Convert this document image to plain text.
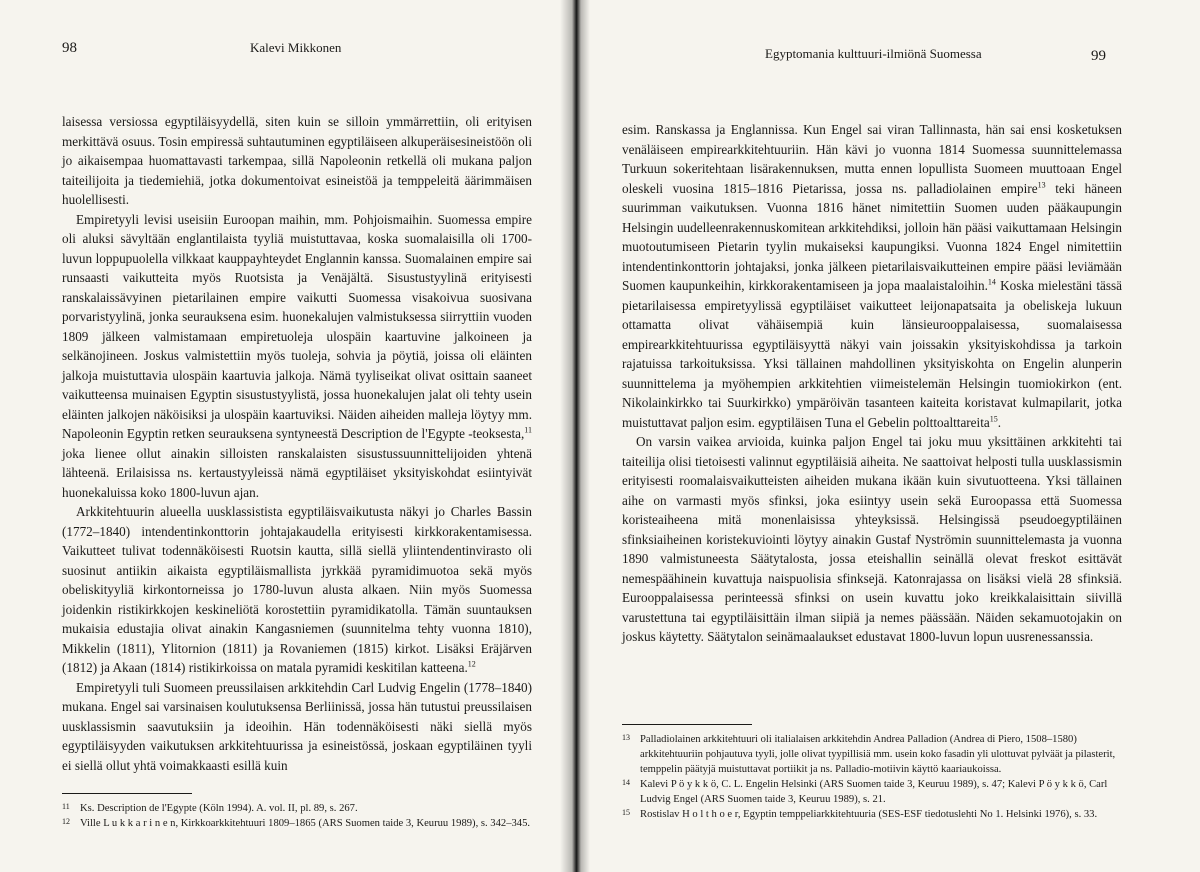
98	Kalevi Mikkonen

laisessa versiossa egyptiläisyydellä, siten kuin se silloin ymmärrettiin, oli erityisen merkittävä osuus. Tosin empiressä suhtautuminen egyptiläiseen alkuperäisesineistöön oli jo aikaisempaa huomattavasti tarkempaa, sillä Napoleonin retkellä oli mukana paljon taiteilijoita ja tiedemiehiä, jotka dokumentoivat esineistöä ja temppeleitä äärimmäisen huolellisesti.

Empiretyyli levisi useisiin Euroopan maihin, mm. Pohjoismaihin. Suomessa empire oli aluksi sävyltään englantilaista tyyliä muistuttavaa, koska suomalaisilla oli 1700-luvun loppupuolella vilkkaat kauppayhteydet Englannin kanssa. Suomalainen empire sai runsaasti vaikutteita myös Ruotsista ja Venäjältä. Sisustustyylinä erityisesti ranskalaissävyinen pietarilainen empire vaikutti Suomessa visakoivua suosivana porvaristyylinä, jonka seurauksena esim. huonekalujen valmistuksessa siirryttiin vuoden 1809 jälkeen valmistamaan empiretuoleja ulospäin kaartuvine jalkoineen ja selkänojineen. Joskus valmistettiin myös tuoleja, sohvia ja pöytiä, joissa oli eläinten jalkoja muistuttavia ulospäin kaartuvia jalkoja. Nämä tyyliseikat olivat osittain saaneet vaikutteensa muinaisen Egyptin sisustustyylistä, jossa huonekalujen jalat oli tehty usein eläinten jalkojen näköisiksi ja ulospäin kaartuviksi. Näiden aiheiden malleja löytyy mm. Napoleonin Egyptin retken seurauksena syntyneestä Description de l'Egypte -teoksesta,$^{11}$ joka lienee ollut ainakin silloisten ranskalaisten sisustussuunnittelijoiden yhtenä lähteenä. Erilaisissa ns. kertaustyyleissä nämä egyptiläiset yksityiskohdat esiintyivät huonekaluissa koko 1800-luvun ajan.

Arkkitehtuurin alueella uusklassistista egyptiläisvaikutusta näkyi jo Charles Bassin (1772–1840) intendentinkonttorin johtajakaudella erityisesti kirkkorakentamisessa. Vaikutteet tulivat todennäköisesti Ruotsin kautta, sillä siellä yliintendentinvirasto oli suosinut antiikin aikaista egyptiläismallista jyrkkää pyramidimuotoa sekä myös obeliskityyliä kirkontorneissa jo 1780-luvun alusta alkaen. Niin myös Suomessa joidenkin ristikirkkojen keskineliötä korostettiin pyramidikatolla. Tämän suuntauksen mukaisia edustajia olivat ainakin Kangasniemen (suunnitelma tehty vuonna 1810), Mikkelin (1811), Ylitornion (1811) ja Rovaniemen (1815) kirkot. Lisäksi Eräjärven (1812) ja Akaan (1814) ristikirkoissa on matala pyramidi keskitilan katteena.$^{12}$

Empiretyyli tuli Suomeen preussilaisen arkkitehdin Carl Ludvig Engelin (1778–1840) mukana. Engel sai varsinaisen koulutuksensa Berliinissä, jossa hän tutustui preussilaisen uusklassismin saavutuksiin ja ideoihin. Hän todennäköisesti näki siellä myös egyptiläisyyden vaikutuksen arkkitehtuurissa ja esineistössä, joskaan egyptiläinen tyyli ei siellä ollut yhtä voimakkaasti esillä kuin

11 Ks. Description de l'Egypte (Köln 1994). A. vol. II, pl. 89, s. 267.
12 Ville L u k k a r i n e n, Kirkkoarkkitehtuuri 1809–1865 (ARS Suomen taide 3, Keuruu 1989), s. 342–345.
Egyptomania kulttuuri-ilmiönä Suomessa	99

esim. Ranskassa ja Englannissa. Kun Engel sai viran Tallinnasta, hän sai ensi kosketuksen venäläiseen empirearkkitehtuuriin. Hän kävi jo vuonna 1814 Suomessa suunnittelemassa Turkuun sokeritehtaan lisärakennuksen, mutta ennen lopullista Suomeen muuttoaan Engel oleskeli vuosina 1815–1816 Pietarissa, jossa ns. palladiolainen empire$^{13}$ teki häneen suurimman vaikutuksen. Vuonna 1816 hänet nimitettiin Suomen uuden pääkaupungin Helsingin uudelleenrakennuskomitean arkkitehdiksi, jolloin hän pääsi vaikuttamaan Helsingin muotoutumiseen Pietarin tyylin mukaiseksi kaupungiksi. Vuonna 1824 Engel nimitettiin intendentinkonttorin johtajaksi, jonka jälkeen pietarilaisvaikutteinen empire pääsi leviämään Suomen kaupunkeihin, kirkkorakentamiseen ja jopa maalaistaloihin.$^{14}$ Koska mielestäni tässä pietarilaisessa empiretyylissä egyptiläiset vaikutteet leijonapatsaita ja obeliskeja lukuun ottamatta olivat vähäisempiä kuin länsieurooppalaisessa, suomalaisessa empirearkkitehtuurissa egyptiläisyyttä näkyi vain joissakin yksityiskohdissa ja tarkoin rajatuissa tarkoituksissa. Yksi tällainen mahdollinen yksityiskohta on Engelin alunperin suunnittelema ja myöhempien arkkitehtien viimeistelemän Helsingin tuomiokirkon (ent. Nikolainkirkko tai Suurkirkko) ympäröivän tasanteen kaiteita koristavat kulmapilarit, jotka muistuttavat paljon esim. egyptiläisen Tuna el Gebelin polttoalttareita$^{15}$.

On varsin vaikea arvioida, kuinka paljon Engel tai joku muu yksittäinen arkkitehti tai taiteilija olisi tietoisesti valinnut egyptiläisiä aiheita. Ne saattoivat helposti tulla uusklassismin erityisesti roomalaisvaikutteisten aiheiden mukana ikään kuin sivutuotteena. Yksi tällainen aihe on varmasti myös sfinksi, joka esiintyy usein sekä Euroopassa että Suomessa koristeaiheena mitä monenlaisissa yhteyksissä. Helsingissä pseudoegyptiläinen sfinksiaiheinen koristekuviointi löytyy ainakin Gustaf Nyströmin suunnittelemasta ja vuonna 1890 valmistuneesta Säätytalosta, jossa eteishallin seinällä olevat freskot esittävät nemespäähinein kuvattuja naispuolisia sfinksejä. Katonrajassa on lisäksi vielä 28 sfinksiä. Eurooppalaisessa perinteessä sfinksi on usein kuvattu joko kreikkalaisittain siivillä varustettuna tai egyptiläisittäin ilman siipiä ja nemes päässään. Näiden sekamuotojakin on joskus käytetty. Säätytalon seinämaalaukset edustavat 1800-luvun lopun uusrenessanssia.

13 Palladiolainen arkkitehtuuri oli italialaisen arkkitehdin Andrea Palladion (Andrea di Piero, 1508–1580) arkkitehtuuriin pohjautuva tyyli, jolle olivat tyypillisiä mm. usein koko fasadin yli ulottuvat pylväät ja pilasterit, temppelin päätyjä muistuttavat portiikit ja ns. Palladio-motiivin käyttö kaariaukoissa.
14 Kalevi P ö y k k ö, C. L. Engelin Helsinki (ARS Suomen taide 3, Keuruu 1989), s. 47; Kalevi P ö y k k ö, Carl Ludvig Engel (ARS Suomen taide 3, Keuruu 1989), s. 21.
15 Rostislav H o l t h o e r, Egyptin temppeliarkkitehtuuria (SES-ESF tiedotuslehti No 1. Helsinki 1976), s. 33.
